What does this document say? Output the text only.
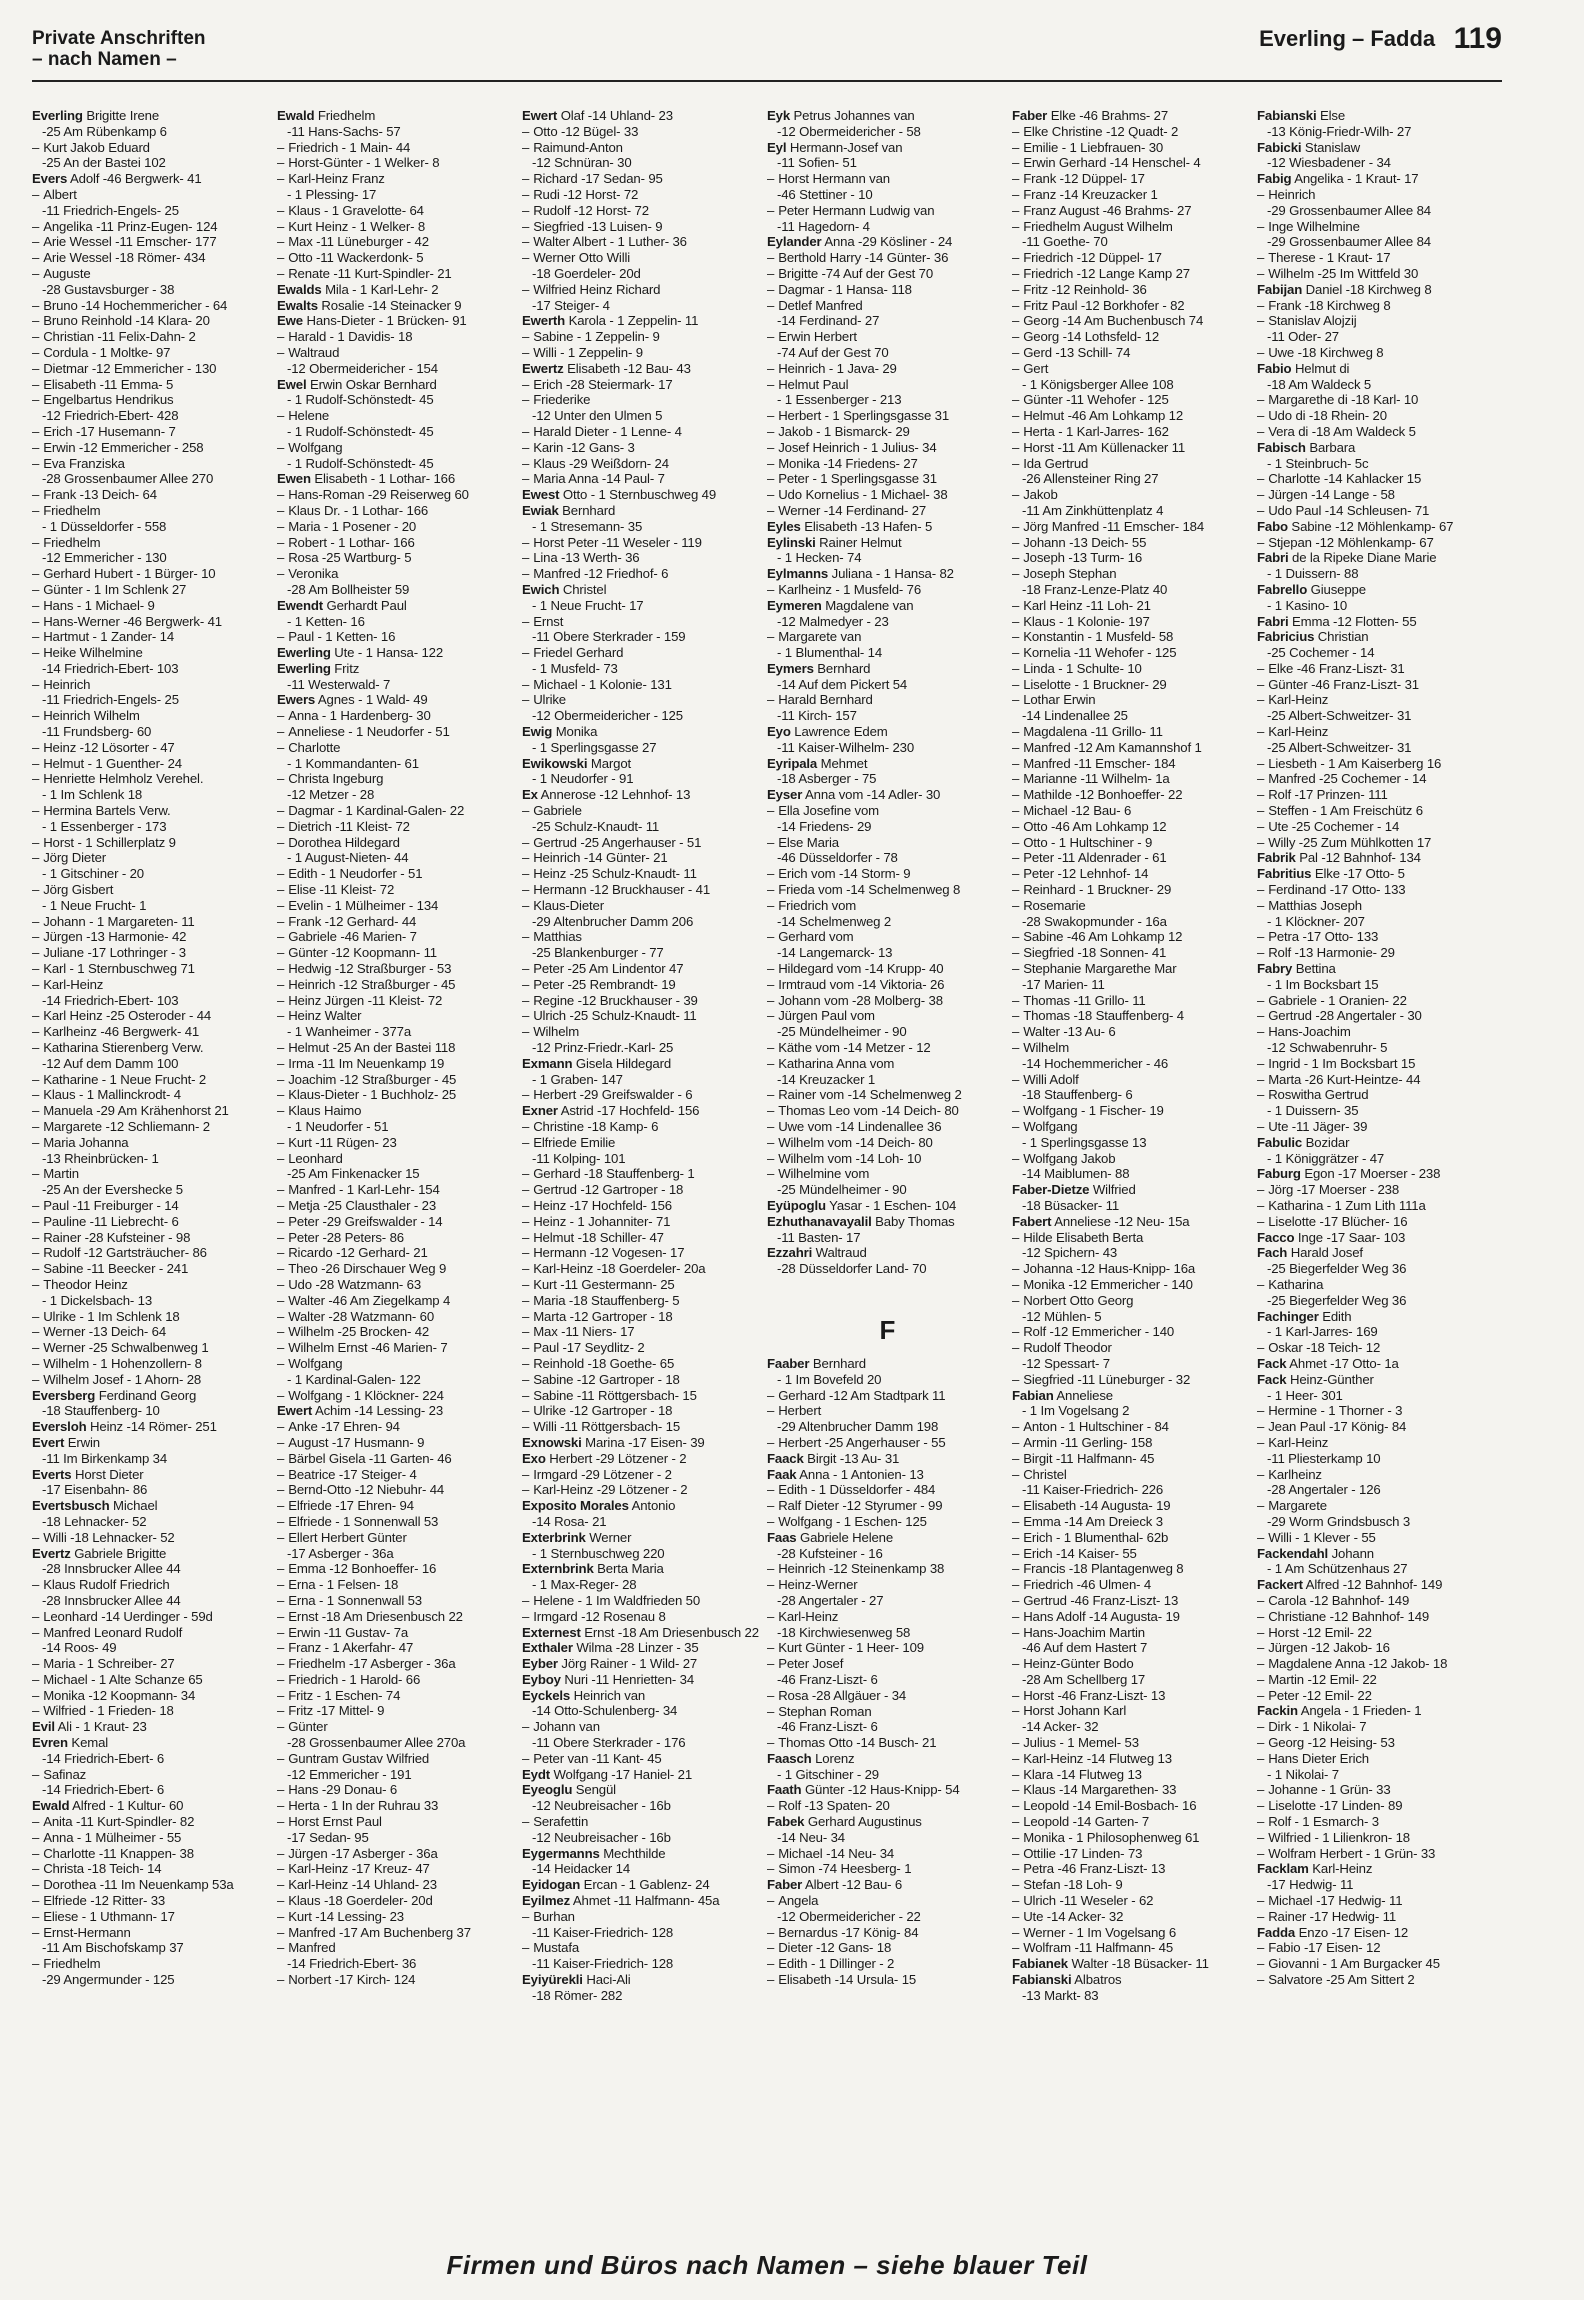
Private Anschriften
– nach Namen –
Everling – Fadda 119
Everling Brigitte Irene
-25 Am Rübenkamp 6
– Kurt Jakob Eduard
-25 An der Bastei 102
Evers Adolf -46 Bergwerk- 41
– Albert
-11 Friedrich-Engels- 25
– Angelika -11 Prinz-Eugen- 124
– Arie Wessel -11 Emscher- 177
– Arie Wessel -18 Römer- 434
– Auguste
-28 Gustavsburger - 38
– Bruno -14 Hochemmericher - 64
– Bruno Reinhold -14 Klara- 20
– Christian -11 Felix-Dahn- 2
– Cordula - 1 Moltke- 97
– Dietmar -12 Emmericher - 130
– Elisabeth -11 Emma- 5
– Engelbartus Hendrikus
-12 Friedrich-Ebert- 428
– Erich -17 Husemann- 7
– Erwin -12 Emmericher - 258
– Eva Franziska
-28 Grossenbaumer Allee 270
– Frank -13 Deich- 64
– Friedhelm
- 1 Düsseldorfer - 558
– Friedhelm
-12 Emmericher - 130
– Gerhard Hubert - 1 Bürger- 10
– Günter - 1 Im Schlenk 27
– Hans - 1 Michael- 9
– Hans-Werner -46 Bergwerk- 41
– Hartmut - 1 Zander- 14
– Heike Wilhelmine
-14 Friedrich-Ebert- 103
– Heinrich
-11 Friedrich-Engels- 25
– Heinrich Wilhelm
-11 Frundsberg- 60
– Heinz -12 Lösorter - 47
– Helmut - 1 Guenther- 24
– Henriette Helmholz Verehel.
- 1 Im Schlenk 18
– Hermina Bartels Verw.
- 1 Essenberger - 173
– Horst - 1 Schillerplatz 9
– Jörg Dieter
- 1 Gitschiner - 20
– Jörg Gisbert
- 1 Neue Frucht- 1
– Johann - 1 Margareten- 11
– Jürgen -13 Harmonie- 42
– Juliane -17 Lothringer - 3
– Karl - 1 Sternbuschweg 71
– Karl-Heinz
-14 Friedrich-Ebert- 103
– Karl Heinz -25 Osteroder - 44
– Karlheinz -46 Bergwerk- 41
– Katharina Stierenberg Verw.
-12 Auf dem Damm 100
– Katharine - 1 Neue Frucht- 2
– Klaus - 1 Mallinckrodt- 4
– Manuela -29 Am Krähenhorst 21
– Margarete -12 Schliemann- 2
– Maria Johanna
-13 Rheinbrücken- 1
– Martin
-25 An der Evershecke 5
– Paul -11 Freiburger - 14
– Pauline -11 Liebrecht- 6
– Rainer -28 Kufsteiner - 98
– Rudolf -12 Gartsträucher- 86
– Sabine -11 Beecker - 241
– Theodor Heinz
- 1 Dickelsbach- 13
– Ulrike - 1 Im Schlenk 18
– Werner -13 Deich- 64
– Werner -25 Schwalbenweg 1
– Wilhelm - 1 Hohenzollern- 8
– Wilhelm Josef - 1 Ahorn- 28
Eversberg Ferdinand Georg
-18 Stauffenberg- 10
Eversloh Heinz -14 Römer- 251
Evert Erwin
-11 Im Birkenkamp 34
Everts Horst Dieter
-17 Eisenbahn- 86
Evertsbusch Michael
-18 Lehnacker- 52
– Willi -18 Lehnacker- 52
Evertz Gabriele Brigitte
-28 Innsbrucker Allee 44
– Klaus Rudolf Friedrich
-28 Innsbrucker Allee 44
– Leonhard -14 Uerdinger - 59d
– Manfred Leonard Rudolf
-14 Roos- 49
– Maria - 1 Schreiber- 27
– Michael - 1 Alte Schanze 65
– Monika -12 Koopmann- 34
– Wilfried - 1 Frieden- 18
Evil Ali - 1 Kraut- 23
Evren Kemal
-14 Friedrich-Ebert- 6
– Safinaz
-14 Friedrich-Ebert- 6
Ewald Alfred - 1 Kultur- 60
– Anita -11 Kurt-Spindler- 82
– Anna - 1 Mülheimer - 55
– Charlotte -11 Knappen- 38
– Christa -18 Teich- 14
– Dorothea -11 Im Neuenkamp 53a
– Elfriede -12 Ritter- 33
– Eliese - 1 Uthmann- 17
– Ernst-Hermann
-11 Am Bischofskamp 37
– Friedhelm
-29 Angermunder - 125
Ewald Friedhelm
-11 Hans-Sachs- 57
– Friedrich - 1 Main- 44
– Horst-Günter - 1 Welker- 8
– Karl-Heinz Franz
- 1 Plessing- 17
– Klaus - 1 Gravelotte- 64
– Kurt Heinz - 1 Welker- 8
– Max -11 Lüneburger - 42
– Otto -11 Wackerdonk- 5
– Renate -11 Kurt-Spindler- 21
Ewalds Mila - 1 Karl-Lehr- 2
Ewalts Rosalie -14 Steinacker 9
Ewe Hans-Dieter - 1 Brücken- 91
– Harald - 1 Davidis- 18
– Waltraud
-12 Obermeidericher - 154
Ewel Erwin Oskar Bernhard
- 1 Rudolf-Schönstedt- 45
– Helene
- 1 Rudolf-Schönstedt- 45
– Wolfgang
- 1 Rudolf-Schönstedt- 45
Ewen Elisabeth - 1 Lothar- 166
– Hans-Roman -29 Reiserweg 60
– Klaus Dr. - 1 Lothar- 166
– Maria - 1 Posener - 20
– Robert - 1 Lothar- 166
– Rosa -25 Wartburg- 5
– Veronika
-28 Am Bollheister 59
Ewendt Gerhardt Paul
- 1 Ketten- 16
– Paul - 1 Ketten- 16
Ewerling Ute - 1 Hansa- 122
Ewerling Fritz
-11 Westerwald- 7
Ewers Agnes - 1 Wald- 49
– Anna - 1 Hardenberg- 30
– Anneliese - 1 Neudorfer - 51
– Charlotte
- 1 Kommandanten- 61
– Christa Ingeburg
-12 Metzer - 28
– Dagmar - 1 Kardinal-Galen- 22
– Dietrich -11 Kleist- 72
– Dorothea Hildegard
- 1 August-Nieten- 44
– Edith - 1 Neudorfer - 51
– Elise -11 Kleist- 72
– Evelin - 1 Mülheimer - 134
– Frank -12 Gerhard- 44
– Gabriele -46 Marien- 7
– Günter -12 Koopmann- 11
– Hedwig -12 Straßburger - 53
– Heinrich -12 Straßburger - 45
– Heinz Jürgen -11 Kleist- 72
– Heinz Walter
- 1 Wanheimer - 377a
– Helmut -25 An der Bastei 118
– Irma -11 Im Neuenkamp 19
– Joachim -12 Straßburger - 45
– Klaus-Dieter - 1 Buchholz- 25
– Klaus Haimo
- 1 Neudorfer - 51
– Kurt -11 Rügen- 23
– Leonhard
-25 Am Finkenacker 15
– Manfred - 1 Karl-Lehr- 154
– Metja -25 Clausthaler - 23
– Peter -29 Greifswalder - 14
– Peter -28 Peters- 86
– Ricardo -12 Gerhard- 21
– Theo -26 Dirschauer Weg 9
– Udo -28 Watzmann- 63
– Walter -46 Am Ziegelkamp 4
– Walter -28 Watzmann- 60
– Wilhelm -25 Brocken- 42
– Wilhelm Ernst -46 Marien- 7
– Wolfgang
- 1 Kardinal-Galen- 122
– Wolfgang - 1 Klöckner- 224
Ewert Achim -14 Lessing- 23
– Anke -17 Ehren- 94
– August -17 Husmann- 9
– Bärbel Gisela -11 Garten- 46
– Beatrice -17 Steiger- 4
– Bernd-Otto -12 Niebuhr- 44
– Elfriede -17 Ehren- 94
– Elfriede - 1 Sonnenwall 53
– Ellert Herbert Günter
-17 Asberger - 36a
– Emma -12 Bonhoeffer- 16
– Erna - 1 Felsen- 18
– Erna - 1 Sonnenwall 53
– Ernst -18 Am Driesenbusch 22
– Erwin -11 Gustav- 7a
– Franz - 1 Akerfahr- 47
– Friedhelm -17 Asberger - 36a
– Friedrich - 1 Harold- 66
– Fritz - 1 Eschen- 74
– Fritz -17 Mittel- 9
– Günter
-28 Grossenbaumer Allee 270a
– Guntram Gustav Wilfried
-12 Emmericher - 191
– Hans -29 Donau- 6
– Herta - 1 In der Ruhrau 33
– Horst Ernst Paul
-17 Sedan- 95
– Jürgen -17 Asberger - 36a
– Karl-Heinz -17 Kreuz- 47
– Karl-Heinz -14 Uhland- 23
– Klaus -18 Goerdeler- 20d
– Kurt -14 Lessing- 23
– Manfred -17 Am Buchenberg 37
– Manfred
-14 Friedrich-Ebert- 36
– Norbert -17 Kirch- 124
Ewert Olaf -14 Uhland- 23
– Otto -12 Bügel- 33
– Raimund-Anton
-12 Schnüran- 30
– Richard -17 Sedan- 95
– Rudi -12 Horst- 72
– Rudolf -12 Horst- 72
– Siegfried -13 Luisen- 9
– Walter Albert - 1 Luther- 36
– Werner Otto Willi
-18 Goerdeler- 20d
– Wilfried Heinz Richard
-17 Steiger- 4
Ewerth Karola - 1 Zeppelin- 11
– Sabine - 1 Zeppelin- 9
– Willi - 1 Zeppelin- 9
Ewertz Elisabeth -12 Bau- 43
– Erich -28 Steiermark- 17
– Friederike
-12 Unter den Ulmen 5
– Harald Dieter - 1 Lenne- 4
– Karin -12 Gans- 3
– Klaus -29 Weißdorn- 24
– Maria Anna -14 Paul- 7
Ewest Otto - 1 Sternbuschweg 49
Ewiak Bernhard
- 1 Stresemann- 35
– Horst Peter -11 Weseler - 119
– Lina -13 Werth- 36
– Manfred -12 Friedhof- 6
Ewich Christel
- 1 Neue Frucht- 17
– Ernst
-11 Obere Sterkrader - 159
– Friedel Gerhard
- 1 Musfeld- 73
– Michael - 1 Kolonie- 131
– Ulrike
-12 Obermeidericher - 125
Ewig Monika
- 1 Sperlingsgasse 27
Ewikowski Margot
- 1 Neudorfer - 91
Ex Annerose -12 Lehnhof- 13
– Gabriele
-25 Schulz-Knaudt- 11
– Gertrud -25 Angerhauser - 51
– Heinrich -14 Günter- 21
– Heinz -25 Schulz-Knaudt- 11
– Hermann -12 Bruckhauser - 41
– Klaus-Dieter
-29 Altenbrucher Damm 206
– Matthias
-25 Blankenburger - 77
– Peter -25 Am Lindentor 47
– Peter -25 Rembrandt- 19
– Regine -12 Bruckhauser - 39
– Ulrich -25 Schulz-Knaudt- 11
– Wilhelm
-12 Prinz-Friedr.-Karl- 25
Exmann Gisela Hildegard
- 1 Graben- 147
– Herbert -29 Greifswalder - 6
Exner Astrid -17 Hochfeld- 156
– Christine -18 Kamp- 6
– Elfriede Emilie
-11 Kolping- 101
– Gerhard -18 Stauffenberg- 1
– Gertrud -12 Gartroper - 18
– Heinz -17 Hochfeld- 156
– Heinz - 1 Johanniter- 71
– Helmut -18 Schiller- 47
– Hermann -12 Vogesen- 17
– Karl-Heinz -18 Goerdeler- 20a
– Kurt -11 Gestermann- 25
– Maria -18 Stauffenberg- 5
– Marta -12 Gartroper - 18
– Max -11 Niers- 17
– Paul -17 Seydlitz- 2
– Reinhold -18 Goethe- 65
– Sabine -12 Gartroper - 18
– Sabine -11 Röttgersbach- 15
– Ulrike -12 Gartroper - 18
– Willi -11 Röttgersbach- 15
Exnowski Marina -17 Eisen- 39
Exo Herbert -29 Lötzener - 2
– Irmgard -29 Lötzener - 2
– Karl-Heinz -29 Lötzener - 2
Exposito Morales Antonio
-14 Rosa- 21
Exterbrink Werner
- 1 Sternbuschweg 220
Externbrink Berta Maria
- 1 Max-Reger- 28
– Helene - 1 Im Waldfrieden 50
– Irmgard -12 Rosenau 8
Externest Ernst -18 Am Driesenbusch 22
Exthaler Wilma -28 Linzer - 35
Eyber Jörg Rainer - 1 Wild- 27
Eyboy Nuri -11 Henrietten- 34
Eyckels Heinrich van
-14 Otto-Schulenberg- 34
– Johann van
-11 Obere Sterkrader - 176
– Peter van -11 Kant- 45
Eydt Wolfgang -17 Haniel- 21
Eyeoglu Sengül
-12 Neubreisacher - 16b
– Serafettin
-12 Neubreisacher - 16b
Eygermanns Mechthilde
-14 Heidacker 14
Eyidogan Ercan - 1 Gablenz- 24
Eyilmez Ahmet -11 Halfmann- 45a
– Burhan
-11 Kaiser-Friedrich- 128
– Mustafa
-11 Kaiser-Friedrich- 128
Eyiyürekli Haci-Ali
-18 Römer- 282
Eyk Petrus Johannes van
-12 Obermeidericher - 58
Eyl Hermann-Josef van
-11 Sofien- 51
– Horst Hermann van
-46 Stettiner - 10
– Peter Hermann Ludwig van
-11 Hagedorn- 4
Eylander Anna -29 Kösliner - 24
– Berthold Harry -14 Günter- 36
– Brigitte -74 Auf der Gest 70
– Dagmar - 1 Hansa- 118
– Detlef Manfred
-14 Ferdinand- 27
– Erwin Herbert
-74 Auf der Gest 70
– Heinrich - 1 Java- 29
– Helmut Paul
- 1 Essenberger - 213
– Herbert - 1 Sperlingsgasse 31
– Jakob - 1 Bismarck- 29
– Josef Heinrich - 1 Julius- 34
– Monika -14 Friedens- 27
– Peter - 1 Sperlingsgasse 31
– Udo Kornelius - 1 Michael- 38
– Werner -14 Ferdinand- 27
Eyles Elisabeth -13 Hafen- 5
Eylinski Rainer Helmut
- 1 Hecken- 74
Eylmanns Juliana - 1 Hansa- 82
– Karlheinz - 1 Musfeld- 76
Eymeren Magdalene van
-12 Malmedyer - 23
– Margarete van
- 1 Blumenthal- 14
Eymers Bernhard
-14 Auf dem Pickert 54
– Harald Bernhard
-11 Kirch- 157
Eyo Lawrence Edem
-11 Kaiser-Wilhelm- 230
Eyripala Mehmet
-18 Asberger - 75
Eyser Anna vom -14 Adler- 30
– Ella Josefine vom
-14 Friedens- 29
– Else Maria
-46 Düsseldorfer - 78
– Erich vom -14 Storm- 9
– Frieda vom -14 Schelmenweg 8
– Friedrich vom
-14 Schelmenweg 2
– Gerhard vom
-14 Langemarck- 13
– Hildegard vom -14 Krupp- 40
– Irmtraud vom -14 Viktoria- 26
– Johann vom -28 Molberg- 38
– Jürgen Paul vom
-25 Mündelheimer - 90
– Käthe vom -14 Metzer - 12
– Katharina Anna vom
-14 Kreuzacker 1
– Rainer vom -14 Schelmenweg 2
– Thomas Leo vom -14 Deich- 80
– Uwe vom -14 Lindenallee 36
– Wilhelm vom -14 Deich- 80
– Wilhelm vom -14 Loh- 10
– Wilhelmine vom
-25 Mündelheimer - 90
Eyüpoglu Yasar - 1 Eschen- 104
Ezhuthanavayalil Baby Thomas
-11 Basten- 17
Ezzahri Waltraud
-28 Düsseldorfer Land- 70
F
Faaber Bernhard
- 1 Im Bovefeld 20
– Gerhard -12 Am Stadtpark 11
– Herbert
-29 Altenbrucher Damm 198
– Herbert -25 Angerhauser - 55
Faack Birgit -13 Au- 31
Faak Anna - 1 Antonien- 13
– Edith - 1 Düsseldorfer - 484
– Ralf Dieter -12 Styrumer - 99
– Wolfgang - 1 Eschen- 125
Faas Gabriele Helene
-28 Kufsteiner - 16
– Heinrich -12 Steinenkamp 38
– Heinz-Werner
-28 Angertaler - 27
– Karl-Heinz
-18 Kirchwiesenweg 58
– Kurt Günter - 1 Heer- 109
– Peter Josef
-46 Franz-Liszt- 6
– Rosa -28 Allgäuer - 34
– Stephan Roman
-46 Franz-Liszt- 6
– Thomas Otto -14 Busch- 21
Faasch Lorenz
- 1 Gitschiner - 29
Faath Günter -12 Haus-Knipp- 54
– Rolf -13 Spaten- 20
Fabek Gerhard Augustinus
-14 Neu- 34
– Michael -14 Neu- 34
– Simon -74 Heesberg- 1
Faber Albert -12 Bau- 6
– Angela
-12 Obermeidericher - 22
– Bernardus -17 König- 84
– Dieter -12 Gans- 18
– Edith - 1 Dillinger - 2
– Elisabeth -14 Ursula- 15
Faber Elke -46 Brahms- 27
– Elke Christine -12 Quadt- 2
– Emilie - 1 Liebfrauen- 30
– Erwin Gerhard -14 Henschel- 4
– Frank -12 Düppel- 17
– Franz -14 Kreuzacker 1
– Franz August -46 Brahms- 27
– Friedhelm August Wilhelm
-11 Goethe- 70
– Friedrich -12 Düppel- 17
– Friedrich -12 Lange Kamp 27
– Fritz -12 Reinhold- 36
– Fritz Paul -12 Borkhofer - 82
– Georg -14 Am Buchenbusch 74
– Georg -14 Lothsfeld- 12
– Gerd -13 Schill- 74
– Gert
- 1 Königsberger Allee 108
– Günter -11 Wehofer - 125
– Helmut -46 Am Lohkamp 12
– Herta - 1 Karl-Jarres- 162
– Horst -11 Am Küllenacker 11
– Ida Gertrud
-26 Allensteiner Ring 27
– Jakob
-11 Am Zinkhüttenplatz 4
– Jörg Manfred -11 Emscher- 184
– Johann -13 Deich- 55
– Joseph -13 Turm- 16
– Joseph Stephan
-18 Franz-Lenze-Platz 40
– Karl Heinz -11 Loh- 21
– Klaus - 1 Kolonie- 197
– Konstantin - 1 Musfeld- 58
– Kornelia -11 Wehofer - 125
– Linda - 1 Schulte- 10
– Liselotte - 1 Bruckner- 29
– Lothar Erwin
-14 Lindenallee 25
– Magdalena -11 Grillo- 11
– Manfred -12 Am Kamannshof 1
– Manfred -11 Emscher- 184
– Marianne -11 Wilhelm- 1a
– Mathilde -12 Bonhoeffer- 22
– Michael -12 Bau- 6
– Otto -46 Am Lohkamp 12
– Otto - 1 Hultschiner - 9
– Peter -11 Aldenrader - 61
– Peter -12 Lehnhof- 14
– Reinhard - 1 Bruckner- 29
– Rosemarie
-28 Swakopmunder - 16a
– Sabine -46 Am Lohkamp 12
– Siegfried -18 Sonnen- 41
– Stephanie Margarethe Mar
-17 Marien- 11
– Thomas -11 Grillo- 11
– Thomas -18 Stauffenberg- 4
– Walter -13 Au- 6
– Wilhelm
-14 Hochemmericher - 46
– Willi Adolf
-18 Stauffenberg- 6
– Wolfgang - 1 Fischer- 19
– Wolfgang
- 1 Sperlingsgasse 13
– Wolfgang Jakob
-14 Maiblumen- 88
Faber-Dietze Wilfried
-18 Büsacker- 11
Fabert Anneliese -12 Neu- 15a
– Hilde Elisabeth Berta
-12 Spichern- 43
– Johanna -12 Haus-Knipp- 16a
– Monika -12 Emmericher - 140
– Norbert Otto Georg
-12 Mühlen- 5
– Rolf -12 Emmericher - 140
– Rudolf Theodor
-12 Spessart- 7
– Siegfried -11 Lüneburger - 32
Fabian Anneliese
- 1 Im Vogelsang 2
– Anton - 1 Hultschiner - 84
– Armin -11 Gerling- 158
– Birgit -11 Halfmann- 45
– Christel
-11 Kaiser-Friedrich- 226
– Elisabeth -14 Augusta- 19
– Emma -14 Am Dreieck 3
– Erich - 1 Blumenthal- 62b
– Erich -14 Kaiser- 55
– Francis -18 Plantagenweg 8
– Friedrich -46 Ulmen- 4
– Gertrud -46 Franz-Liszt- 13
– Hans Adolf -14 Augusta- 19
– Hans-Joachim Martin
-46 Auf dem Hastert 7
– Heinz-Günter Bodo
-28 Am Schellberg 17
– Horst -46 Franz-Liszt- 13
– Horst Johann Karl
-14 Acker- 32
– Julius - 1 Memel- 53
– Karl-Heinz -14 Flutweg 13
– Klara -14 Flutweg 13
– Klaus -14 Margarethen- 33
– Leopold -14 Emil-Bosbach- 16
– Leopold -14 Garten- 7
– Monika - 1 Philosophenweg 61
– Ottilie -17 Linden- 73
– Petra -46 Franz-Liszt- 13
– Stefan -18 Loh- 9
– Ulrich -11 Weseler - 62
– Ute -14 Acker- 32
– Werner - 1 Im Vogelsang 6
– Wolfram -11 Halfmann- 45
Fabianek Walter -18 Büsacker- 11
Fabianski Albatros
-13 Markt- 83
Fabianski Else
-13 König-Friedr-Wilh- 27
Fabicki Stanislaw
-12 Wiesbadener - 34
Fabig Angelika - 1 Kraut- 17
– Heinrich
-29 Grossenbaumer Allee 84
– Inge Wilhelmine
-29 Grossenbaumer Allee 84
– Therese - 1 Kraut- 17
– Wilhelm -25 Im Wittfeld 30
Fabijan Daniel -18 Kirchweg 8
– Frank -18 Kirchweg 8
– Stanislav Alojzij
-11 Oder- 27
– Uwe -18 Kirchweg 8
Fabio Helmut di
-18 Am Waldeck 5
– Margarethe di -18 Karl- 10
– Udo di -18 Rhein- 20
– Vera di -18 Am Waldeck 5
Fabisch Barbara
- 1 Steinbruch- 5c
– Charlotte -14 Kahlacker 15
– Jürgen -14 Lange - 58
– Udo Paul -14 Schleusen- 71
Fabo Sabine -12 Möhlenkamp- 67
– Stjepan -12 Möhlenkamp- 67
Fabri de la Ripeke Diane Marie
- 1 Duissern- 88
Fabrello Giuseppe
- 1 Kasino- 10
Fabri Emma -12 Flotten- 55
Fabricius Christian
-25 Cochemer - 14
– Elke -46 Franz-Liszt- 31
– Günter -46 Franz-Liszt- 31
– Karl-Heinz
-25 Albert-Schweitzer- 31
– Karl-Heinz
-25 Albert-Schweitzer- 31
– Liesbeth - 1 Am Kaiserberg 16
– Manfred -25 Cochemer - 14
– Rolf -17 Prinzen- 111
– Steffen - 1 Am Freischütz 6
– Ute -25 Cochemer - 14
– Willy -25 Zum Mühlkotten 17
Fabrik Pal -12 Bahnhof- 134
Fabritius Elke -17 Otto- 5
– Ferdinand -17 Otto- 133
– Matthias Joseph
- 1 Klöckner- 207
– Petra -17 Otto- 133
– Rolf -13 Harmonie- 29
Fabry Bettina
- 1 Im Bocksbart 15
– Gabriele - 1 Oranien- 22
– Gertrud -28 Angertaler - 30
– Hans-Joachim
-12 Schwabenruhr- 5
– Ingrid - 1 Im Bocksbart 15
– Marta -26 Kurt-Heintze- 44
– Roswitha Gertrud
- 1 Duissern- 35
– Ute -11 Jäger- 39
Fabulic Bozidar
- 1 Königgrätzer - 47
Faburg Egon -17 Moerser - 238
– Jörg -17 Moerser - 238
– Katharina - 1 Zum Lith 111a
– Liselotte -17 Blücher- 16
Facco Inge -17 Saar- 103
Fach Harald Josef
-25 Biegerfelder Weg 36
– Katharina
-25 Biegerfelder Weg 36
Fachinger Edith
- 1 Karl-Jarres- 169
– Oskar -18 Teich- 12
Fack Ahmet -17 Otto- 1a
Fack Heinz-Günther
- 1 Heer- 301
– Hermine - 1 Thorner - 3
– Jean Paul -17 König- 84
– Karl-Heinz
-11 Pliesterkamp 10
– Karlheinz
-28 Angertaler - 126
– Margarete
-29 Worm Grindsbusch 3
– Willi - 1 Klever - 55
Fackendahl Johann
- 1 Am Schützenhaus 27
Fackert Alfred -12 Bahnhof- 149
– Carola -12 Bahnhof- 149
– Christiane -12 Bahnhof- 149
– Horst -12 Emil- 22
– Jürgen -12 Jakob- 16
– Magdalene Anna -12 Jakob- 18
– Martin -12 Emil- 22
– Peter -12 Emil- 22
Fackin Angela - 1 Frieden- 1
– Dirk - 1 Nikolai- 7
– Georg -12 Heising- 53
– Hans Dieter Erich
- 1 Nikolai- 7
– Johanne - 1 Grün- 33
– Liselotte -17 Linden- 89
– Rolf - 1 Esmarch- 3
– Wilfried - 1 Lilienkron- 18
– Wolfram Herbert - 1 Grün- 33
Facklam Karl-Heinz
-17 Hedwig- 11
– Michael -17 Hedwig- 11
– Rainer -17 Hedwig- 11
Fadda Enzo -17 Eisen- 12
– Fabio -17 Eisen- 12
– Giovanni - 1 Am Burgacker 45
– Salvatore -25 Am Sittert 2
Firmen und Büros nach Namen – siehe blauer Teil
